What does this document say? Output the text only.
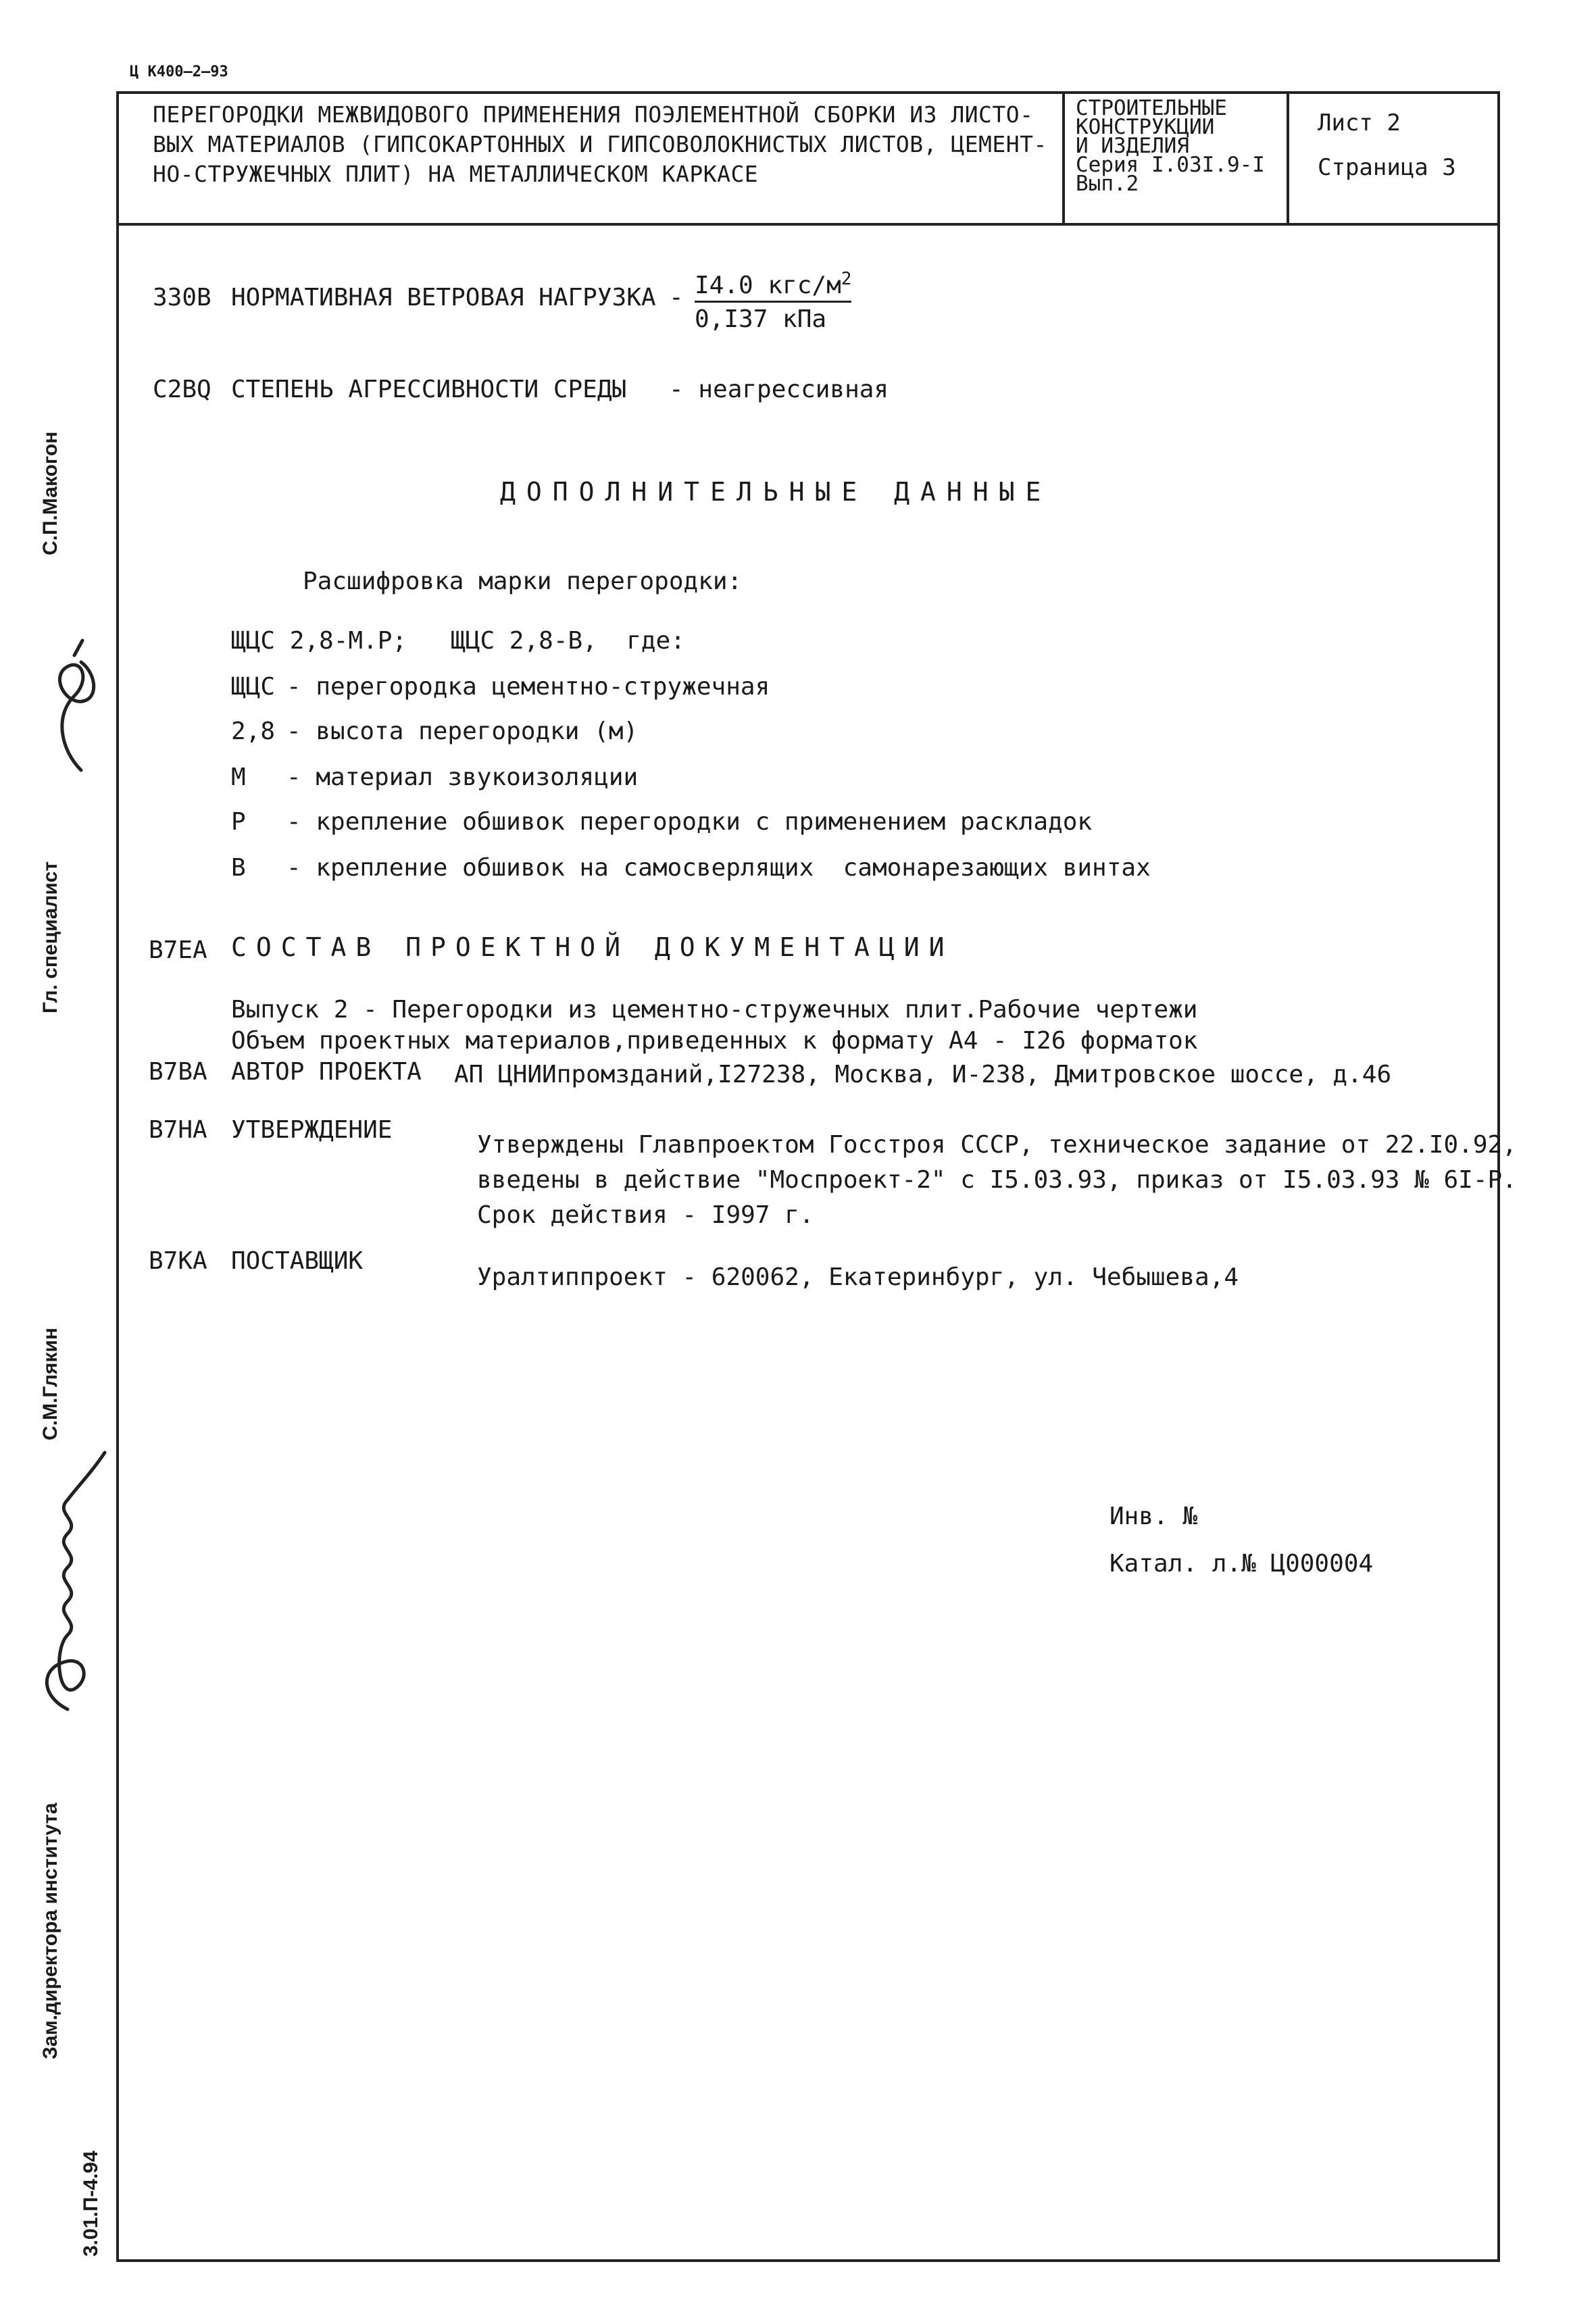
Ц К400—2—93
ПЕРЕГОРОДКИ МЕЖВИДОВОГО ПРИМЕНЕНИЯ ПОЭЛЕМЕНТНОЙ СБОРКИ ИЗ ЛИСТО-
ВЫХ МАТЕРИАЛОВ (ГИПСОКАРТОННЫХ И ГИПСОВОЛОКНИСТЫХ ЛИСТОВ, ЦЕМЕНТ-
НО-СТРУЖЕЧНЫХ ПЛИТ) НА МЕТАЛЛИЧЕСКОМ КАРКАСЕ
СТРОИТЕЛЬНЫЕ
КОНСТРУКЦИИ
И ИЗДЕЛИЯ
Серия I.03I.9-I
Вып.2
Лист 2
Страница 3
330В НОРМАТИВНАЯ ВЕТРОВАЯ НАГРУЗКА - I4.0 кгс/$м^2$
0,I37 кПа
С2ВQ СТЕПЕНЬ АГРЕССИВНОСТИ СРЕДЫ - неагрессивная
ДОПОЛНИТЕЛЬНЫЕ ДАННЫЕ
Расшифровка марки перегородки:
ЩЦС 2,8-М.Р;   ЩЦС 2,8-В,  где:
ЩЦС - перегородка цементно-стружечная
2,8 - высота перегородки (м)
М - материал звукоизоляции
Р - крепление обшивок перегородки с применением раскладок
В - крепление обшивок на самосверлящих  самонарезающих винтах
В7ЕА СОСТАВ ПРОЕКТНОЙ ДОКУМЕНТАЦИИ
Выпуск 2 - Перегородки из цементно-стружечных плит.Рабочие чертежи
Объем проектных материалов,приведенных к формату А4 - I26 форматок
В7ВА АВТОР ПРОЕКТА АП ЦНИИпромзданий,I27238, Москва, И-238, Дмитровское шоссе, д.46
В7НА УТВЕРЖДЕНИЕ
Утверждены Главпроектом Госстроя СССР, техническое задание от 22.I0.92,
введены в действие "Моспроект-2" с I5.03.93, приказ от I5.03.93 № 6I-Р.
Срок действия - I997 г.
В7КА ПОСТАВЩИК
Уралтиппроект - 620062, Екатеринбург, ул. Чебышева,4
Инв. №
Катал. л.№ Ц000004
С.П.Макогон
Гл. специалист
С.М.Глякин
Зам.директора института
3.01.П-4.94
